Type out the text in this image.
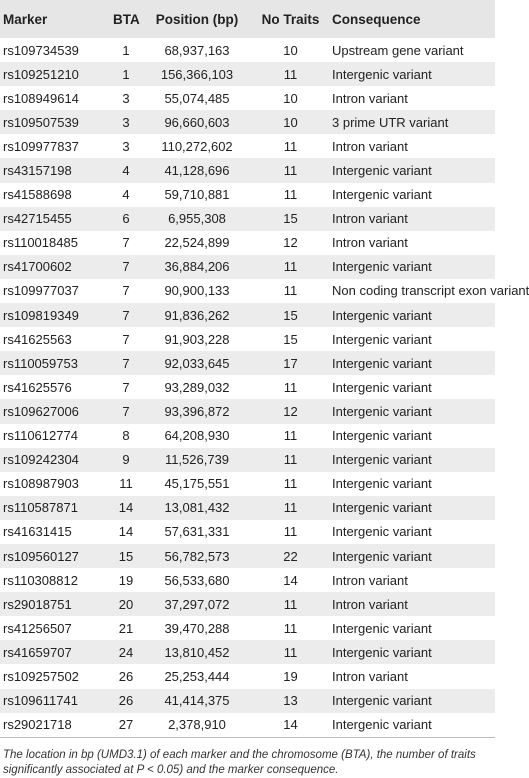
Marker	BTA	Position (bp)	No Traits	Consequence
rs109734539	1	68,937,163	10	Upstream gene variant
rs109251210	1	156,366,103	11	Intergenic variant
rs108949614	3	55,074,485	10	Intron variant
rs109507539	3	96,660,603	10	3 prime UTR variant
rs109977837	3	110,272,602	11	Intron variant
rs43157198	4	41,128,696	11	Intergenic variant
rs41588698	4	59,710,881	11	Intergenic variant
rs42715455	6	6,955,308	15	Intron variant
rs110018485	7	22,524,899	12	Intron variant
rs41700602	7	36,884,206	11	Intergenic variant
rs109977037	7	90,900,133	11	Non coding transcript exon variant
rs109819349	7	91,836,262	15	Intergenic variant
rs41625563	7	91,903,228	15	Intergenic variant
rs110059753	7	92,033,645	17	Intergenic variant
rs41625576	7	93,289,032	11	Intergenic variant
rs109627006	7	93,396,872	12	Intergenic variant
rs110612774	8	64,208,930	11	Intergenic variant
rs109242304	9	11,526,739	11	Intergenic variant
rs108987903	11	45,175,551	11	Intergenic variant
rs110587871	14	13,081,432	11	Intergenic variant
rs41631415	14	57,631,331	11	Intergenic variant
rs109560127	15	56,782,573	22	Intergenic variant
rs110308812	19	56,533,680	14	Intron variant
rs29018751	20	37,297,072	11	Intron variant
rs41256507	21	39,470,288	11	Intergenic variant
rs41659707	24	13,810,452	11	Intergenic variant
rs109257502	26	25,253,444	19	Intron variant
rs109611741	26	41,414,375	13	Intergenic variant
rs29021718	27	2,378,910	14	Intergenic variant
The location in bp (UMD3.1) of each marker and the chromosome (BTA), the number of traits significantly associated at P < 0.05) and the marker consequence.
